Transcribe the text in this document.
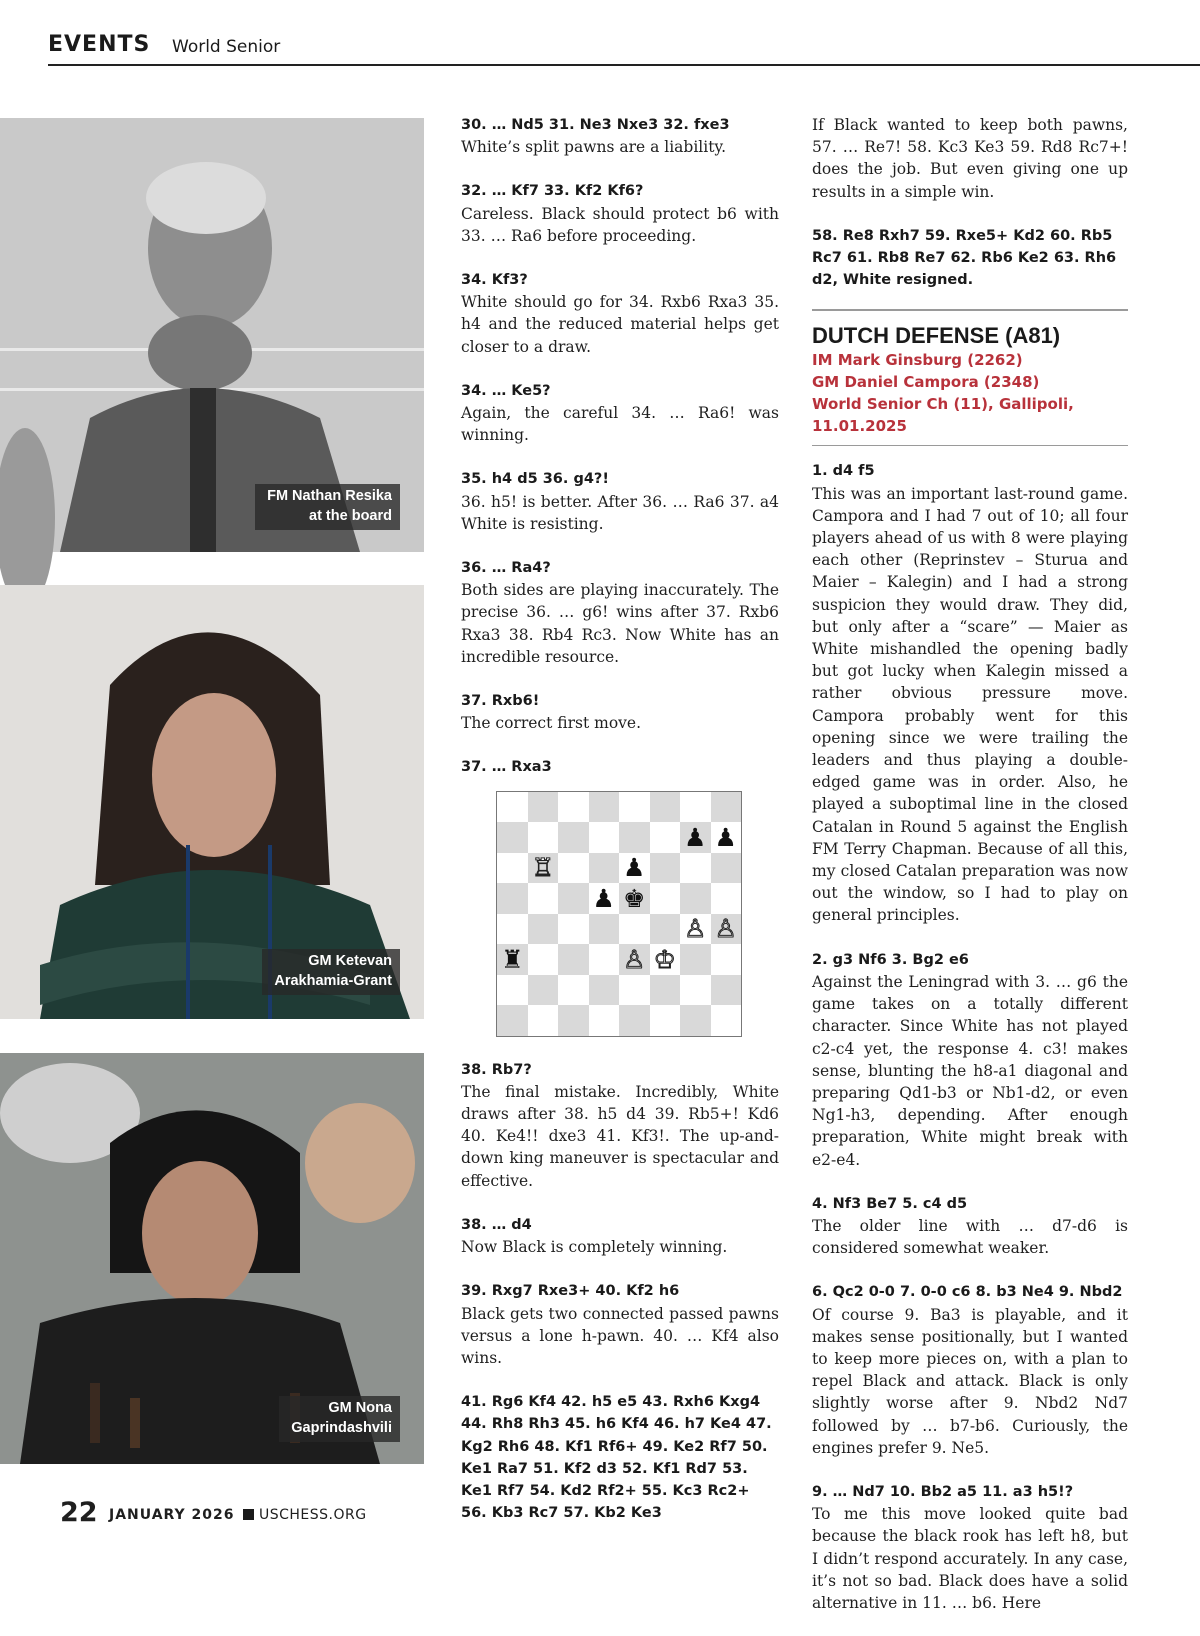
EVENTS World Senior
FM Nathan Resika
at the board
GM Ketevan
Arakhamia-Grant
GM Nona
Gaprindashvili
30. … Nd5 31. Ne3 Nxe3 32. fxe3
White’s split pawns are a liability.
32. … Kf7 33. Kf2 Kf6?
Careless. Black should protect b6 with 33. … Ra6 before proceeding.
34. Kf3?
White should go for 34. Rxb6 Rxa3 35. h4 and the reduced material helps get closer to a draw.
34. … Ke5?
Again, the careful 34. … Ra6! was winning.
35. h4 d5 36. g4?!
36. h5! is better. After 36. … Ra6 37. a4 White is resisting.
36. … Ra4?
Both sides are playing inaccurately. The precise 36. … g6! wins after 37. Rxb6 Rxa3 38. Rb4 Rc3. Now White has an incredible resource.
37. Rxb6!
The correct first move.
37. … Rxa3
♟ ♟
♖	♟
♟ ♚
♙ ♙
♜	♙ ♔
38. Rb7?
The final mistake. Incredibly, White draws after 38. h5 d4 39. Rb5+! Kd6 40. Ke4!! dxe3 41. Kf3!. The up-and-down king maneuver is spectacular and effective.
38. … d4
Now Black is completely winning.
39. Rxg7 Rxe3+ 40. Kf2 h6
Black gets two connected passed pawns versus a lone h-pawn. 40. … Kf4 also wins.
41. Rg6 Kf4 42. h5 e5 43. Rxh6 Kxg4 44. Rh8 Rh3 45. h6 Kf4 46. h7 Ke4 47. Kg2 Rh6 48. Kf1 Rf6+ 49. Ke2 Rf7 50. Ke1 Ra7 51. Kf2 d3 52. Kf1 Rd7 53. Ke1 Rf7 54. Kd2 Rf2+ 55. Kc3 Rc2+ 56. Kb3 Rc7 57. Kb2 Ke3
If Black wanted to keep both pawns, 57. … Re7! 58. Kc3 Ke3 59. Rd8 Rc7+! does the job. But even giving one up results in a simple win.
58. Re8 Rxh7 59. Rxe5+ Kd2 60. Rb5 Rc7 61. Rb8 Re7 62. Rb6 Ke2 63. Rh6 d2, White resigned.
DUTCH DEFENSE (A81)
IM Mark Ginsburg (2262)
GM Daniel Campora (2348)
World Senior Ch (11), Gallipoli, 11.01.2025
1. d4 f5
This was an important last-round game. Campora and I had 7 out of 10; all four players ahead of us with 8 were playing each other (Reprinstev – Sturua and Maier – Kalegin) and I had a strong suspicion they would draw. They did, but only after a “scare” — Maier as White mishandled the opening badly but got lucky when Kalegin missed a rather obvious pressure move. Campora probably went for this opening since we were trailing the leaders and thus playing a double-edged game was in order. Also, he played a suboptimal line in the closed Catalan in Round 5 against the English FM Terry Chapman. Because of all this, my closed Catalan preparation was now out the window, so I had to play on general principles.
2. g3 Nf6 3. Bg2 e6
Against the Leningrad with 3. … g6 the game takes on a totally different character. Since White has not played c2-c4 yet, the response 4. c3! makes sense, blunting the h8-a1 diagonal and preparing Qd1-b3 or Nb1-d2, or even Ng1-h3, depending. After enough preparation, White might break with e2-e4.
4. Nf3 Be7 5. c4 d5
The older line with … d7-d6 is considered somewhat weaker.
6. Qc2 0-0 7. 0-0 c6 8. b3 Ne4 9. Nbd2
Of course 9. Ba3 is playable, and it makes sense positionally, but I wanted to keep more pieces on, with a plan to repel Black and attack. Black is only slightly worse after 9. Nbd2 Nd7 followed by … b7-b6. Curiously, the engines prefer 9. Ne5.
9. … Nd7 10. Bb2 a5 11. a3 h5!?
To me this move looked quite bad because the black rook has left h8, but I didn’t respond accurately. In any case, it’s not so bad. Black does have a solid alternative in 11. … b6. Here
22 JANUARY 2026 USCHESS.ORG
